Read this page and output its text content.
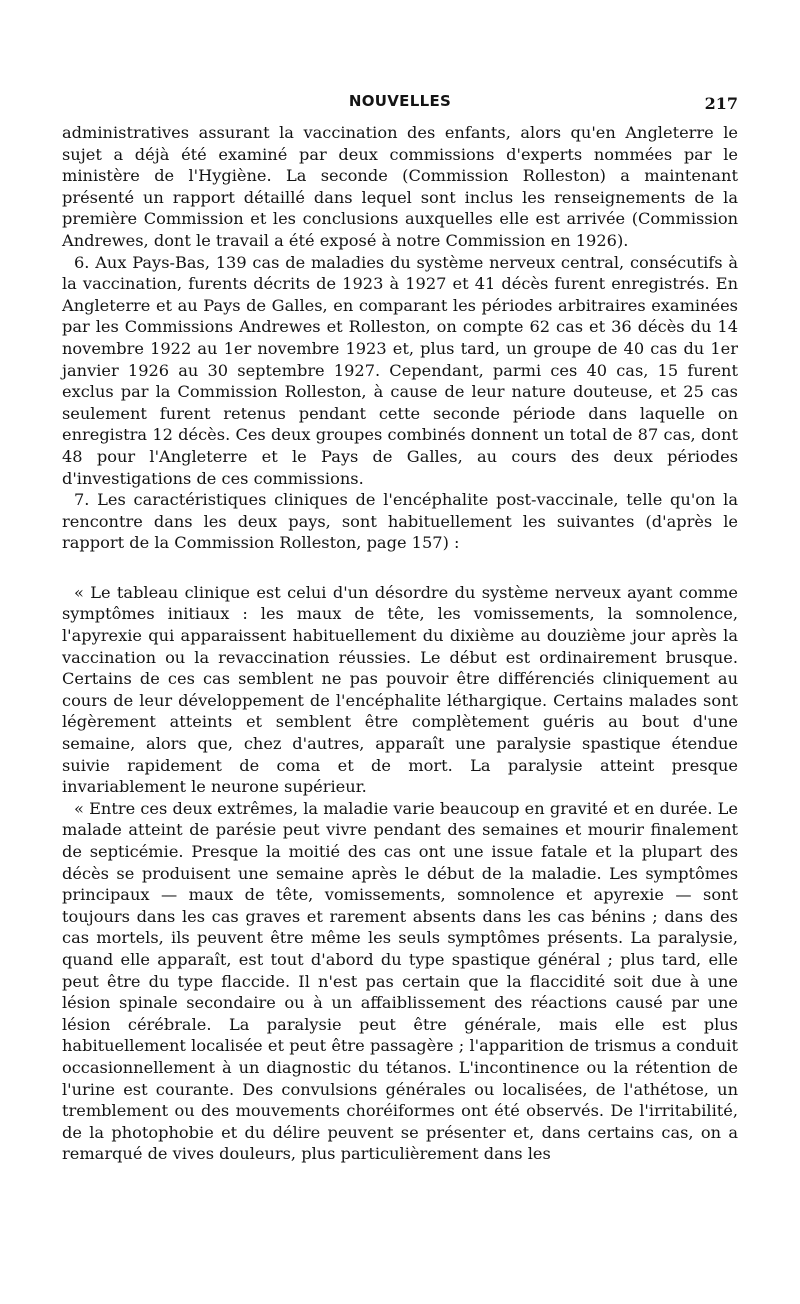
NOUVELLES	217

administratives assurant la vaccination des enfants, alors qu'en Angleterre le sujet a déjà été examiné par deux commissions d'experts nommées par le ministère de l'Hygiène. La seconde (Commission Rolleston) a maintenant présenté un rapport détaillé dans lequel sont inclus les renseignements de la première Commission et les conclusions auxquelles elle est arrivée (Commission Andrewes, dont le travail a été exposé à notre Commission en 1926).

6. Aux Pays-Bas, 139 cas de maladies du système nerveux central, consécutifs à la vaccination, furents décrits de 1923 à 1927 et 41 décès furent enregistrés. En Angleterre et au Pays de Galles, en comparant les périodes arbitraires examinées par les Commissions Andrewes et Rolleston, on compte 62 cas et 36 décès du 14 novembre 1922 au 1er novembre 1923 et, plus tard, un groupe de 40 cas du 1er janvier 1926 au 30 septembre 1927. Cependant, parmi ces 40 cas, 15 furent exclus par la Commission Rolleston, à cause de leur nature douteuse, et 25 cas seulement furent retenus pendant cette seconde période dans laquelle on enregistra 12 décès. Ces deux groupes combinés donnent un total de 87 cas, dont 48 pour l'Angleterre et le Pays de Galles, au cours des deux périodes d'investigations de ces commissions.

7. Les caractéristiques cliniques de l'encéphalite post-vaccinale, telle qu'on la rencontre dans les deux pays, sont habituellement les suivantes (d'après le rapport de la Commission Rolleston, page 157) :

« Le tableau clinique est celui d'un désordre du système nerveux ayant comme symptômes initiaux : les maux de tête, les vomissements, la somnolence, l'apyrexie qui apparaissent habituellement du dixième au douzième jour après la vaccination ou la revaccination réussies. Le début est ordinairement brusque. Certains de ces cas semblent ne pas pouvoir être différenciés cliniquement au cours de leur développement de l'encéphalite léthargique. Certains malades sont légèrement atteints et semblent être complètement guéris au bout d'une semaine, alors que, chez d'autres, apparaît une paralysie spastique étendue suivie rapidement de coma et de mort. La paralysie atteint presque invariablement le neurone supérieur.

« Entre ces deux extrêmes, la maladie varie beaucoup en gravité et en durée. Le malade atteint de parésie peut vivre pendant des semaines et mourir finalement de septicémie. Presque la moitié des cas ont une issue fatale et la plupart des décès se produisent une semaine après le début de la maladie. Les symptômes principaux — maux de tête, vomissements, somnolence et apyrexie — sont toujours dans les cas graves et rarement absents dans les cas bénins ; dans des cas mortels, ils peuvent être même les seuls symptômes présents. La paralysie, quand elle apparaît, est tout d'abord du type spastique général ; plus tard, elle peut être du type flaccide. Il n'est pas certain que la flaccidité soit due à une lésion spinale secondaire ou à un affaiblissement des réactions causé par une lésion cérébrale. La paralysie peut être générale, mais elle est plus habituellement localisée et peut être passagère ; l'apparition de trismus a conduit occasionnellement à un diagnostic du tétanos. L'incontinence ou la rétention de l'urine est courante. Des convulsions générales ou localisées, de l'athétose, un tremblement ou des mouvements choréiformes ont été observés. De l'irritabilité, de la photophobie et du délire peuvent se présenter et, dans certains cas, on a remarqué de vives douleurs, plus particulièrement dans les
